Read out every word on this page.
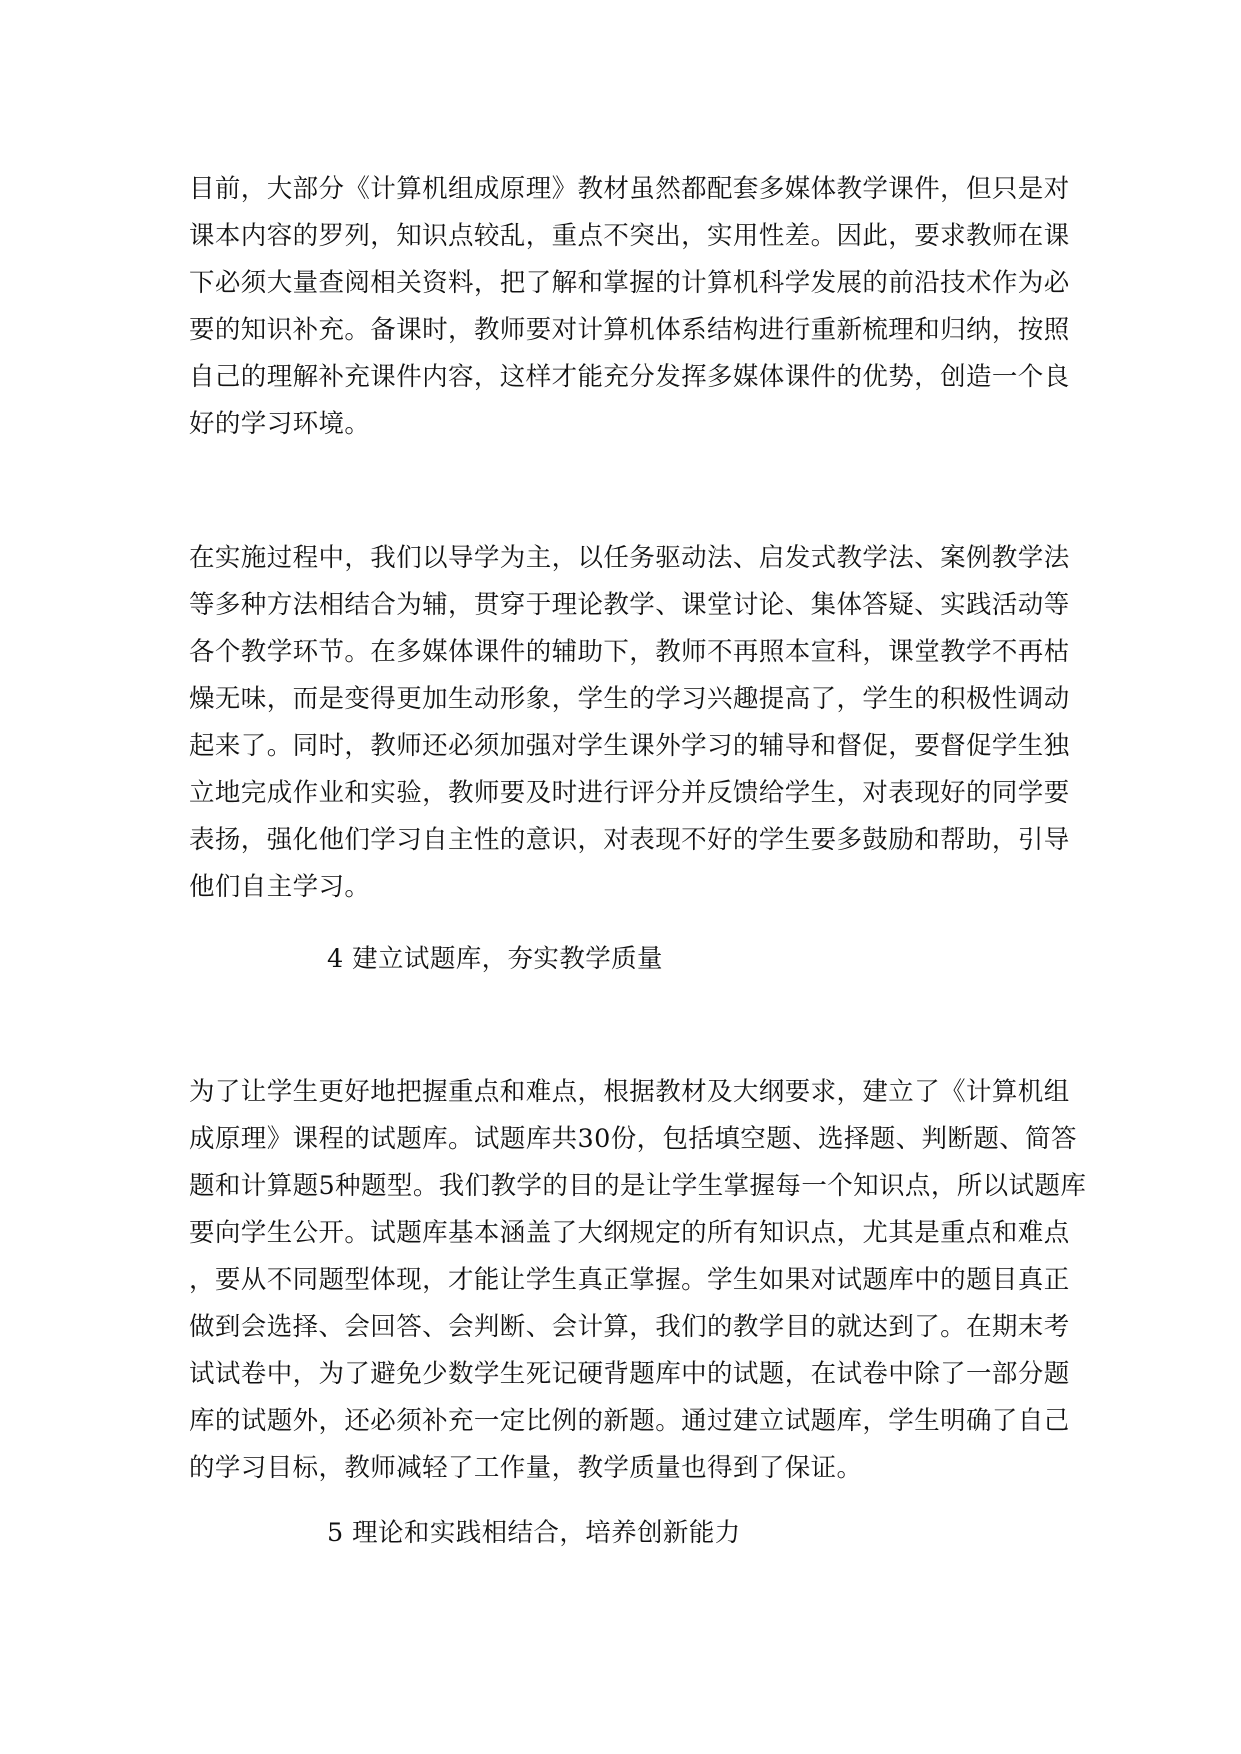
目前，大部分《计算机组成原理》教材虽然都配套多媒体教学课件，但只是对
课本内容的罗列，知识点较乱，重点不突出，实用性差。因此，要求教师在课
下必须大量查阅相关资料，把了解和掌握的计算机科学发展的前沿技术作为必
要的知识补充。备课时，教师要对计算机体系结构进行重新梳理和归纳，按照
自己的理解补充课件内容，这样才能充分发挥多媒体课件的优势，创造一个良
好的学习环境。
在实施过程中，我们以导学为主，以任务驱动法、启发式教学法、案例教学法
等多种方法相结合为辅，贯穿于理论教学、课堂讨论、集体答疑、实践活动等
各个教学环节。在多媒体课件的辅助下，教师不再照本宣科，课堂教学不再枯
燥无味，而是变得更加生动形象，学生的学习兴趣提高了，学生的积极性调动
起来了。同时，教师还必须加强对学生课外学习的辅导和督促，要督促学生独
立地完成作业和实验，教师要及时进行评分并反馈给学生，对表现好的同学要
表扬，强化他们学习自主性的意识，对表现不好的学生要多鼓励和帮助，引导
他们自主学习。
4 建立试题库，夯实教学质量
为了让学生更好地把握重点和难点，根据教材及大纲要求，建立了《计算机组
成原理》课程的试题库。试题库共30份，包括填空题、选择题、判断题、简答
题和计算题5种题型。我们教学的目的是让学生掌握每一个知识点，所以试题库
要向学生公开。试题库基本涵盖了大纲规定的所有知识点，尤其是重点和难点
，要从不同题型体现，才能让学生真正掌握。学生如果对试题库中的题目真正
做到会选择、会回答、会判断、会计算，我们的教学目的就达到了。在期末考
试试卷中，为了避免少数学生死记硬背题库中的试题，在试卷中除了一部分题
库的试题外，还必须补充一定比例的新题。通过建立试题库，学生明确了自己
的学习目标，教师减轻了工作量，教学质量也得到了保证。
5 理论和实践相结合，培养创新能力
